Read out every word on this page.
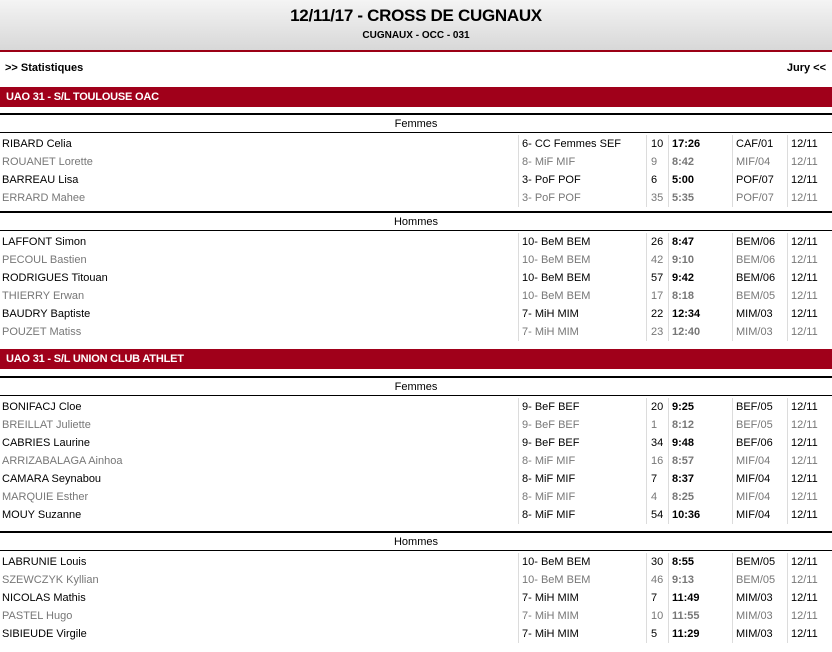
12/11/17 - CROSS DE CUGNAUX
CUGNAUX - OCC - 031
>> Statistiques	Jury <<
UAO 31 - S/L TOULOUSE OAC
Femmes
RIBARD Celia	6- CC Femmes SEF	10 17:26	CAF/01 12/11
ROUANET Lorette	8- MiF MIF	9 8:42	MIF/04 12/11
BARREAU Lisa	3- PoF POF	6 5:00	POF/07 12/11
ERRARD Mahee	3- PoF POF	35 5:35	POF/07 12/11
Hommes
LAFFONT Simon	10- BeM BEM	26 8:47	BEM/06 12/11
PECOUL Bastien	10- BeM BEM	42 9:10	BEM/06 12/11
RODRIGUES Titouan	10- BeM BEM	57 9:42	BEM/06 12/11
THIERRY Erwan	10- BeM BEM	17 8:18	BEM/05 12/11
BAUDRY Baptiste	7- MiH MIM	22 12:34	MIM/03 12/11
POUZET Matiss	7- MiH MIM	23 12:40	MIM/03 12/11
UAO 31 - S/L UNION CLUB ATHLET
Femmes
BONIFACJ Cloe	9- BeF BEF	20 9:25	BEF/05 12/11
BREILLAT Juliette	9- BeF BEF	1 8:12	BEF/05 12/11
CABRIES Laurine	9- BeF BEF	34 9:48	BEF/06 12/11
ARRIZABALAGA Ainhoa	8- MiF MIF	16 8:57	MIF/04 12/11
CAMARA Seynabou	8- MiF MIF	7 8:37	MIF/04 12/11
MARQUIE Esther	8- MiF MIF	4 8:25	MIF/04 12/11
MOUY Suzanne	8- MiF MIF	54 10:36	MIF/04 12/11
Hommes
LABRUNIE Louis	10- BeM BEM	30 8:55	BEM/05 12/11
SZEWCZYK Kyllian	10- BeM BEM	46 9:13	BEM/05 12/11
NICOLAS Mathis	7- MiH MIM	7 11:49	MIM/03 12/11
PASTEL Hugo	7- MiH MIM	10 11:55	MIM/03 12/11
SIBIEUDE Virgile	7- MiH MIM	5 11:29	MIM/03 12/11
